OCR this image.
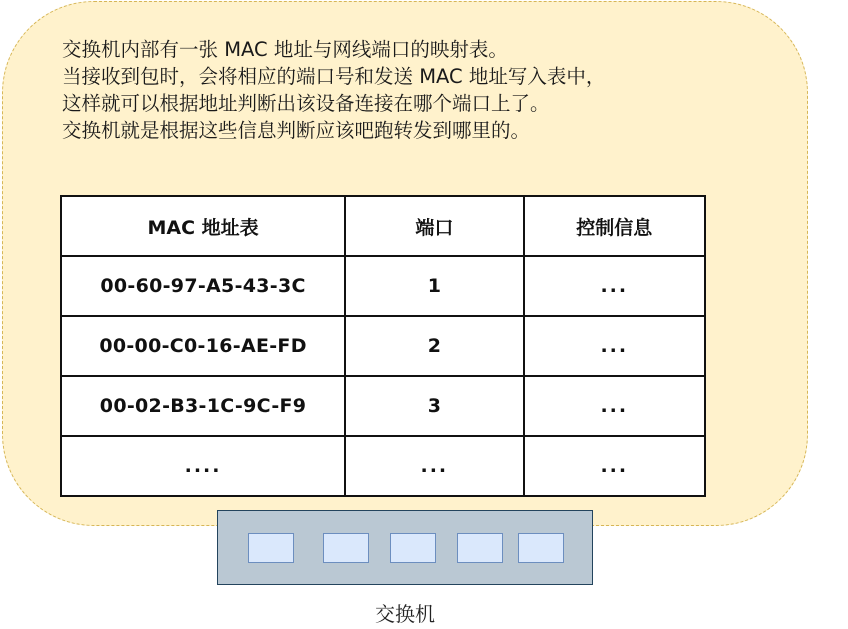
交换机内部有一张 MAC 地址与网线端口的映射表。
当接收到包时，会将相应的端口号和发送 MAC 地址写入表中，
这样就可以根据地址判断出该设备连接在哪个端口上了。
交换机就是根据这些信息判断应该吧跑转发到哪里的。
MAC 地址表	端口	控制信息
00-60-97-A5-43-3C	1	...
00-00-C0-16-AE-FD	2	...
00-02-B3-1C-9C-F9	3	...
....	...	...
交换机
